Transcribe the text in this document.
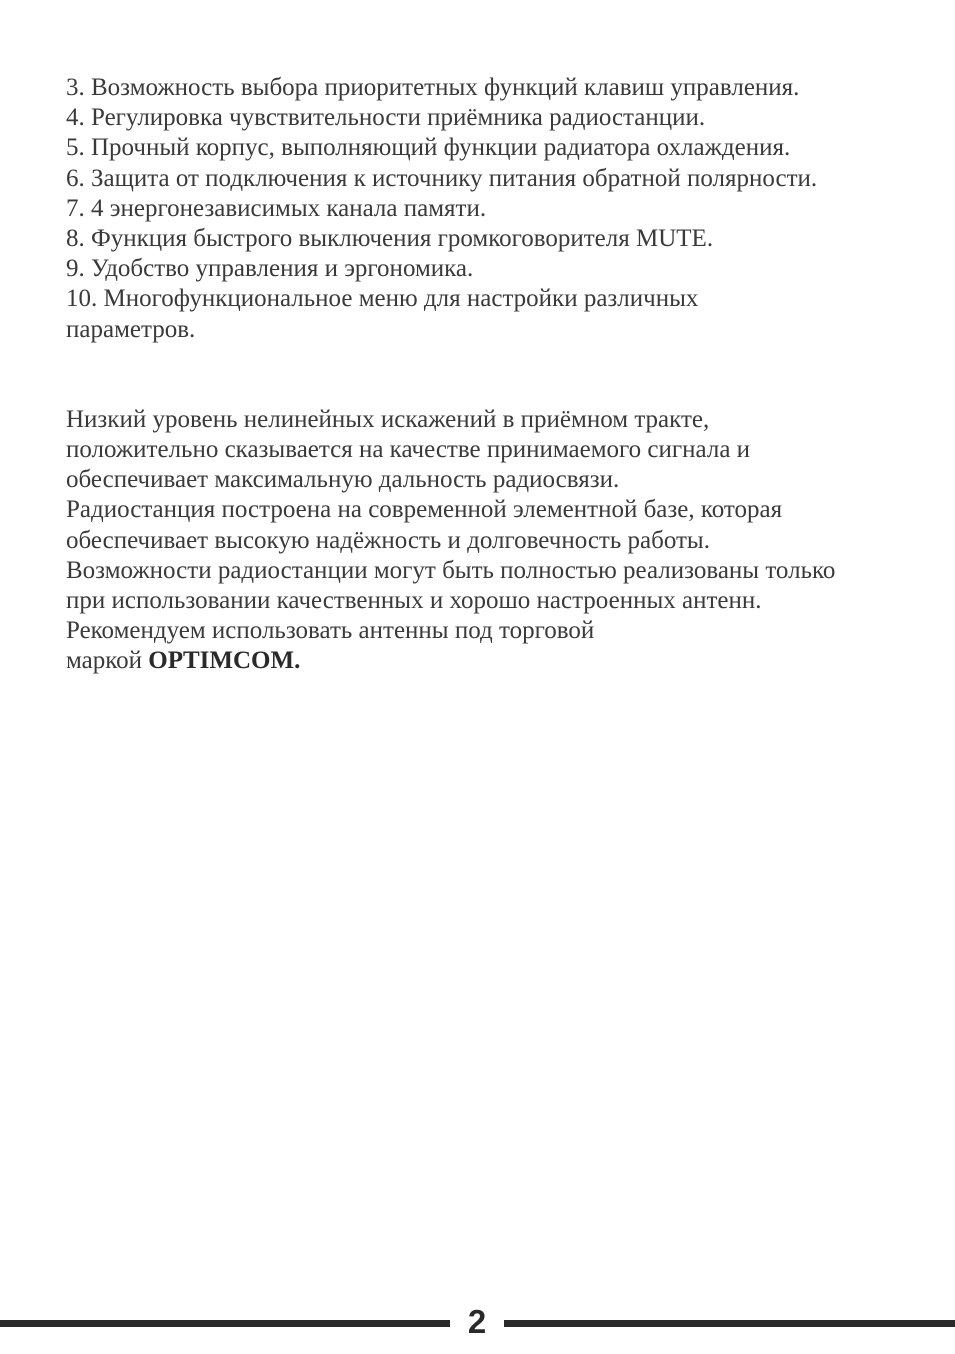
3. Возможность выбора приоритетных функций клавиш управления.
4. Регулировка чувствительности приёмника радиостанции.
5. Прочный корпус, выполняющий функции радиатора охлаждения.
6. Защита от подключения к источнику питания обратной полярности.
7. 4 энергонезависимых канала памяти.
8. Функция быстрого выключения громкоговорителя MUTE.
9. Удобство управления и эргономика.
10. Многофункциональное меню для настройки различных параметров.

Низкий уровень нелинейных искажений в приёмном тракте, положительно сказывается на качестве принимаемого сигнала и обеспечивает максимальную дальность радиосвязи.

Радиостанция построена на современной элементной базе, которая обеспечивает высокую надёжность и долговечность работы.

Возможности радиостанции могут быть полностью реализованы только при использовании качественных и хорошо настроенных антенн.

Рекомендуем использовать антенны под торговой
маркой OPTIMCOM.

2
